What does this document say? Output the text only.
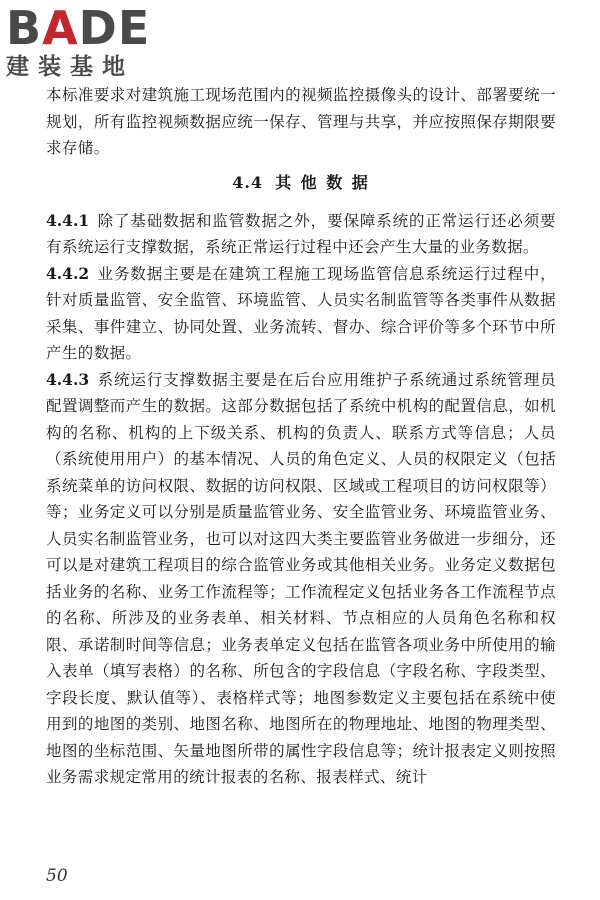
BADE
建装基地

本标准要求对建筑施工现场范围内的视频监控摄像头的设计、部署要统一规划，所有监控视频数据应统一保存、管理与共享，并应按照保存期限要求存储。

4.4 其 他 数 据

4.4.1 除了基础数据和监管数据之外，要保障系统的正常运行还必须要有系统运行支撑数据，系统正常运行过程中还会产生大量的业务数据。

4.4.2 业务数据主要是在建筑工程施工现场监管信息系统运行过程中，针对质量监管、安全监管、环境监管、人员实名制监管等各类事件从数据采集、事件建立、协同处置、业务流转、督办、综合评价等多个环节中所产生的数据。

4.4.3 系统运行支撑数据主要是在后台应用维护子系统通过系统管理员配置调整而产生的数据。这部分数据包括了系统中机构的配置信息，如机构的名称、机构的上下级关系、机构的负责人、联系方式等信息；人员（系统使用用户）的基本情况、人员的角色定义、人员的权限定义（包括系统菜单的访问权限、数据的访问权限、区域或工程项目的访问权限等）等；业务定义可以分别是质量监管业务、安全监管业务、环境监管业务、人员实名制监管业务，也可以对这四大类主要监管业务做进一步细分，还可以是对建筑工程项目的综合监管业务或其他相关业务。业务定义数据包括业务的名称、业务工作流程等；工作流程定义包括业务各工作流程节点的名称、所涉及的业务表单、相关材料、节点相应的人员角色名称和权限、承诺制时间等信息；业务表单定义包括在监管各项业务中所使用的输入表单（填写表格）的名称、所包含的字段信息（字段名称、字段类型、字段长度、默认值等）、表格样式等；地图参数定义主要包括在系统中使用到的地图的类别、地图名称、地图所在的物理地址、地图的物理类型、地图的坐标范围、矢量地图所带的属性字段信息等；统计报表定义则按照业务需求规定常用的统计报表的名称、报表样式、统计

50
